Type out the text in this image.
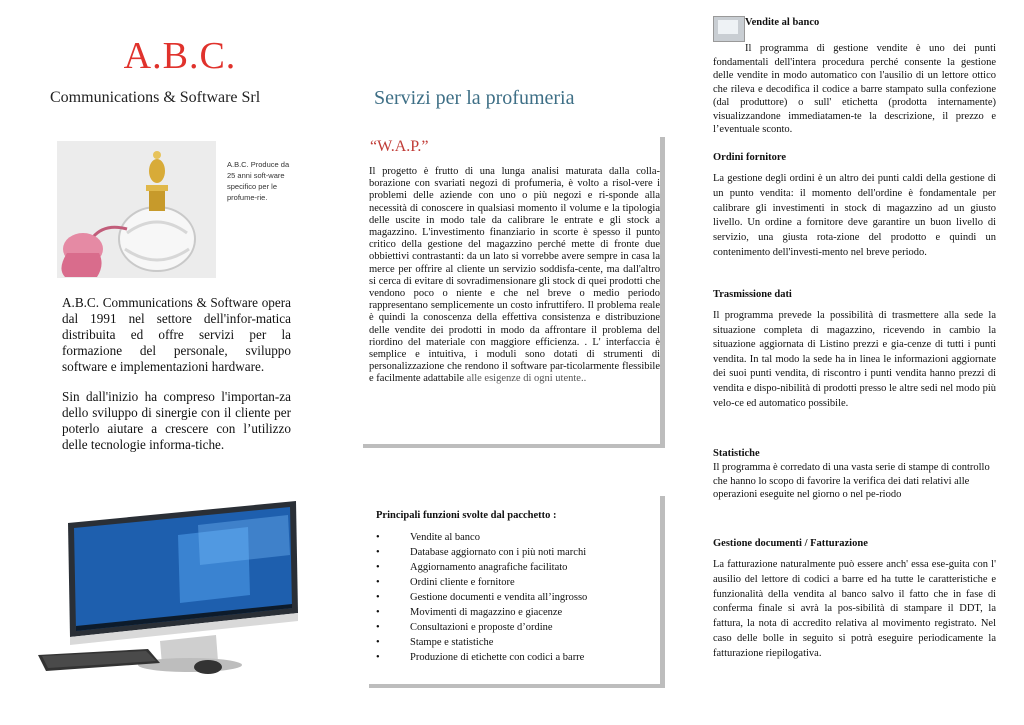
A.B.C.
Communications & Software Srl
A.B.C. Produce da 25 anni soft-ware specifico per le profume-rie.

A.B.C. Communications & Software opera dal 1991 nel settore dell'infor-matica distribuita ed offre servizi per la formazione del personale, sviluppo software e implementazioni hardware.

Sin dall'inizio ha compreso l'importan-za dello sviluppo di sinergie con il cliente per poterlo aiutare a crescere con l’utilizzo delle tecnologie informa-tiche.

Servizi per la profumeria
“W.A.P.”
Il progetto è frutto di una lunga analisi maturata dalla colla-borazione con svariati negozi di profumeria, è volto a risol-vere i problemi delle aziende con uno o più negozi e ri-sponde alla necessità di conoscere in qualsiasi momento il volume e la tipologia delle uscite in modo tale da calibrare le entrate e gli stock a magazzino. L'investimento finanziario in scorte è spesso il punto critico della gestione del magazzino perché mette di fronte due obbiettivi contrastanti: da un lato si vorrebbe avere sempre in casa la merce per offrire al cliente un servizio soddisfa-cente, ma dall'altro si cerca di evitare di sovradimensionare gli stock di quei prodotti che vendono poco o niente e che nel breve o medio periodo rappresentano semplicemente un costo infruttifero. Il problema reale è quindi la conoscenza della effettiva consistenza e distribuzione delle vendite dei prodotti in modo da affrontare il problema del riordino del materiale con maggiore efficienza. . L' interfaccia è semplice e intuitiva, i moduli sono dotati di strumenti di personalizzazione che rendono il software par-ticolarmente flessibile e facilmente adattabile alle esigenze di ogni utente..
Principali funzioni svolte dal pacchetto :
•	Vendite al banco
•	Database aggiornato con i più noti marchi
•	Aggiornamento anagrafiche facilitato
•	Ordini cliente e fornitore
•	Gestione documenti e vendita all’ingrosso
•	Movimenti di magazzino e giacenze
•	Consultazioni e proposte d’ordine
•	Stampe e statistiche
•	Produzione di etichette con codici a barre
Vendite al banco
Il programma di gestione vendite è uno dei punti fondamentali dell'intera procedura perché consente la gestione delle vendite in modo automatico con l'ausilio di un lettore ottico che rileva e decodifica il codice a barre stampato sulla confezione (dal produttore) o sull' etichetta (prodotta internamente) visualizzandone immediatamen-te la descrizione, il prezzo e l’eventuale sconto.
Ordini fornitore
La gestione degli ordini è un altro dei punti caldi della gestione di un punto vendita: il momento dell'ordine è fondamentale per calibrare gli investimenti in stock di magazzino ad un giusto livello. Un ordine a fornitore deve garantire un buon livello di servizio, una giusta rota-zione del prodotto e quindi un contenimento dell'investi-mento nel breve periodo.
Trasmissione dati
Il programma prevede la possibilità di trasmettere alla sede la situazione completa di magazzino, ricevendo in cambio la situazione aggiornata di Listino prezzi e gia-cenze di tutti i punti vendita. In tal modo la sede ha in linea le informazioni aggiornate dei suoi punti vendita, di riscontro i punti vendita hanno prezzi di vendita e dispo-nibilità di prodotti presso le altre sedi nel modo più velo-ce ed automatico possibile.
Statistiche
Il programma è corredato di una vasta serie di stampe di controllo che hanno lo scopo di favorire la verifica dei dati relativi alle operazioni eseguite nel giorno o nel pe-riodo
Gestione documenti / Fatturazione
La fatturazione naturalmente può essere anch' essa ese-guita con l' ausilio del lettore di codici a barre ed ha tutte le caratteristiche e funzionalità della vendita al banco salvo il fatto che in fase di conferma finale si avrà la pos-sibilità di stampare il DDT, la fattura, la nota di accredito relativa al movimento registrato. Nel caso delle bolle in seguito si potrà eseguire periodicamente la fatturazione riepilogativa.
